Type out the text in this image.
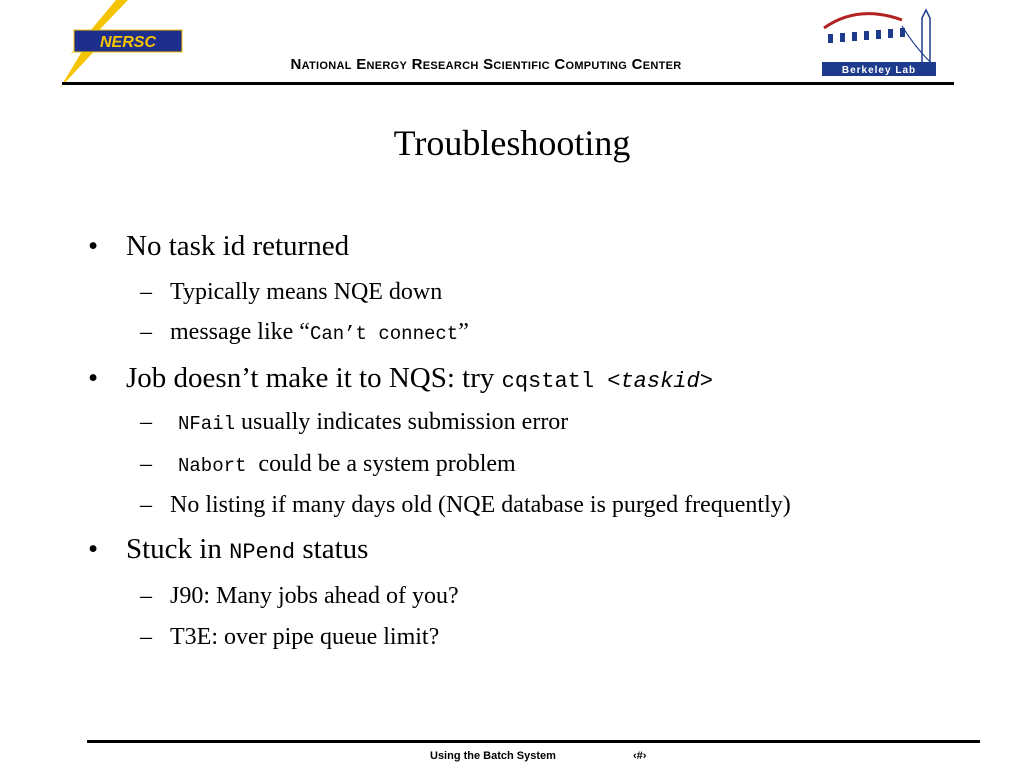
NERSC
Berkeley Lab
National Energy Research Scientific Computing Center
Troubleshooting
• No task id returned
– Typically means NQE down
– message like “Can’t connect”
• Job doesn’t make it to NQS: try cqstatl <taskid>
– NFail usually indicates submission error
– Nabort  could be a system problem
– No listing if many days old (NQE database is purged frequently)
• Stuck in NPend status
– J90: Many jobs ahead of you?
– T3E: over pipe queue limit?
Using the Batch System	‹#›
